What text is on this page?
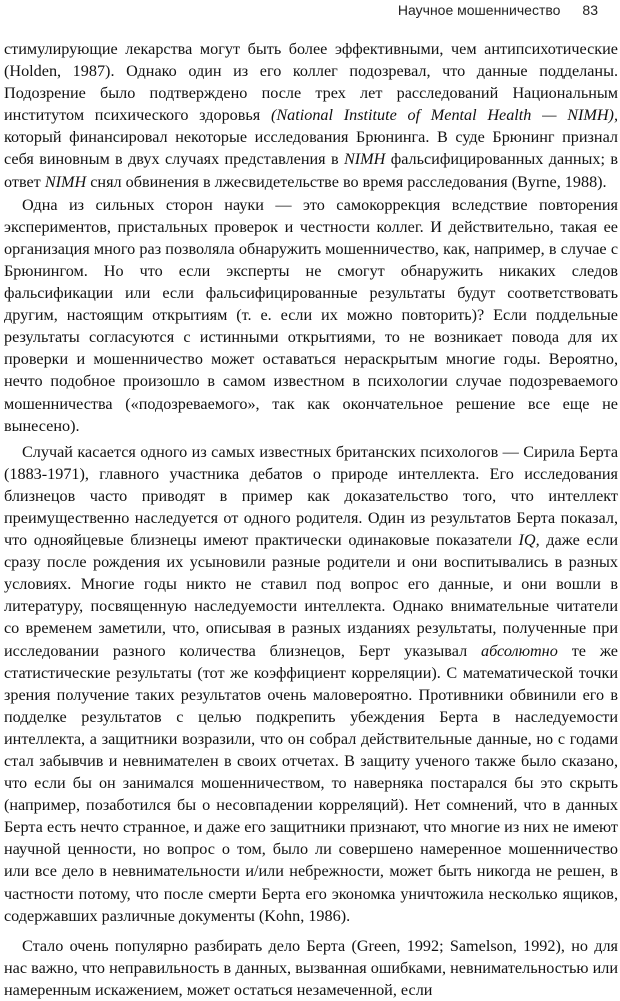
Научное мошенничество 83

стимулирующие лекарства могут быть более эффективными, чем антипсихотические (Holden, 1987). Однако один из его коллег подозревал, что данные подделаны. Подозрение было подтверждено после трех лет расследований Национальным институтом психического здоровья (National Institute of Mental Health — NIMH), который финансировал некоторые исследования Брюнинга. В суде Брюнинг признал себя виновным в двух случаях представления в NIMH фальсифицированных данных; в ответ NIMH снял обвинения в лжесвидетельстве во время расследования (Byrne, 1988).

Одна из сильных сторон науки — это самокоррекция вследствие повторения экспериментов, пристальных проверок и честности коллег. И действительно, такая ее организация много раз позволяла обнаружить мошенничество, как, например, в случае с Брюнингом. Но что если эксперты не смогут обнаружить никаких следов фальсификации или если фальсифицированные результаты будут соответствовать другим, настоящим открытиям (т. е. если их можно повторить)? Если поддельные результаты согласуются с истинными открытиями, то не возникает повода для их проверки и мошенничество может оставаться нераскрытым многие годы. Вероятно, нечто подобное произошло в самом известном в психологии случае подозреваемого мошенничества («подозреваемого», так как окончательное решение все еще не вынесено).

Случай касается одного из самых известных британских психологов — Сирила Берта (1883-1971), главного участника дебатов о природе интеллекта. Его исследования близнецов часто приводят в пример как доказательство того, что интеллект преимущественно наследуется от одного родителя. Один из результатов Берта показал, что однояйцевые близнецы имеют практически одинаковые показатели IQ, даже если сразу после рождения их усыновили разные родители и они воспитывались в разных условиях. Многие годы никто не ставил под вопрос его данные, и они вошли в литературу, посвященную наследуемости интеллекта. Однако внимательные читатели со временем заметили, что, описывая в разных изданиях результаты, полученные при исследовании разного количества близнецов, Берт указывал абсолютно те же статистические результаты (тот же коэффициент корреляции). С математической точки зрения получение таких результатов очень маловероятно. Противники обвинили его в подделке результатов с целью подкрепить убеждения Берта в наследуемости интеллекта, а защитники возразили, что он собрал действительные данные, но с годами стал забывчив и невнимателен в своих отчетах. В защиту ученого также было сказано, что если бы он занимался мошенничеством, то наверняка постарался бы это скрыть (например, позаботился бы о несовпадении корреляций). Нет сомнений, что в данных Берта есть нечто странное, и даже его защитники признают, что многие из них не имеют научной ценности, но вопрос о том, было ли совершено намеренное мошенничество или все дело в невнимательности и/или небрежности, может быть никогда не решен, в частности потому, что после смерти Берта его экономка уничтожила несколько ящиков, содержавших различные документы (Kohn, 1986).

Стало очень популярно разбирать дело Берта (Green, 1992; Samelson, 1992), но для нас важно, что неправильность в данных, вызванная ошибками, невнимательностью или намеренным искажением, может остаться незамеченной, если
